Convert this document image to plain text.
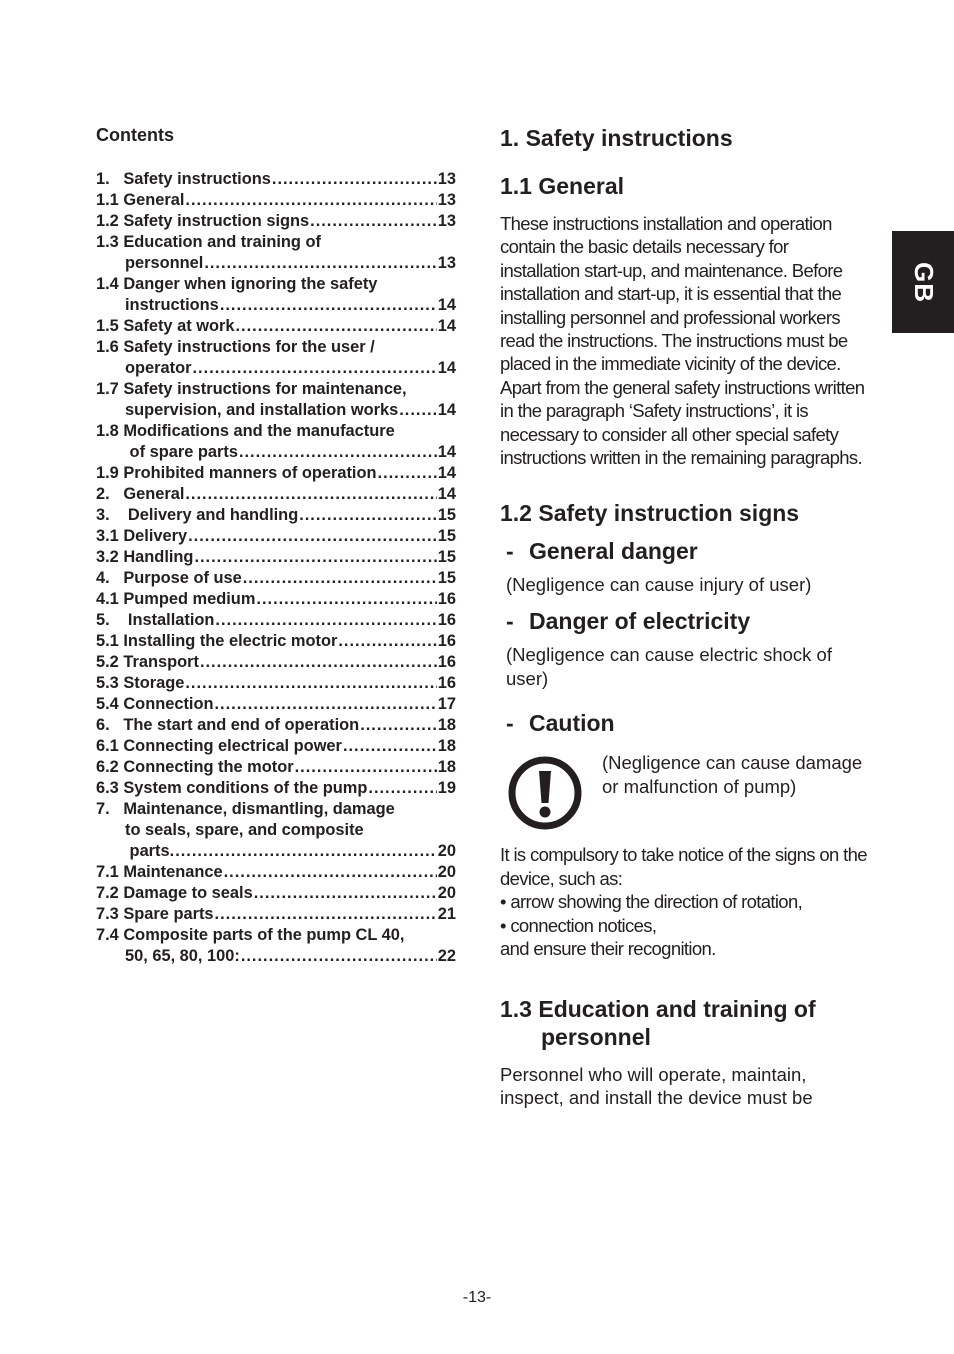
Contents
1.   Safety instructions .....	13
1.1 General .....	13
1.2 Safety instruction signs .....	13
1.3 Education and training of
personnel .....	13
1.4 Danger when ignoring the safety
instructions .....	14
1.5 Safety at work .....	14
1.6 Safety instructions for the user /
operator .....	14
1.7 Safety instructions for maintenance,
supervision, and installation works ..... 14
1.8 Modifications and the manufacture
of spare parts .....	14
1.9 Prohibited manners of operation .....	14
2.   General .....	14
3.    Delivery and handling .....	15
3.1 Delivery .....	15
3.2 Handling .....	15
4.   Purpose of use .....	15
4.1 Pumped medium .....	16
5.    Installation .....	16
5.1 Installing the electric motor .....	16
5.2 Transport .....	16
5.3 Storage .....	16
5.4 Connection .....	17
6.   The start and end of operation .....	18
6.1 Connecting electrical power .....	18
6.2 Connecting the motor .....	18
6.3 System conditions of the pump .....	19
7.   Maintenance, dismantling, damage
to seals, spare, and composite
parts. .....	20
7.1 Maintenance .....	20
7.2 Damage to seals .....	20
7.3 Spare parts .....	21
7.4 Composite parts of the pump CL 40,
50, 65, 80, 100: .....	22
1. Safety instructions
1.1 General

These instructions installation and operation contain the basic details necessary for installation start-up, and maintenance. Before installation and start-up, it is essential that the installing personnel and professional workers read the instructions. The instructions must be placed in the immediate vicinity of the device. Apart from the general safety instructions written in the paragraph ‘Safety instructions’, it is necessary to consider all other special safety instructions written in the remaining paragraphs.

1.2 Safety instruction signs
- General danger
(Negligence can cause injury of user)
- Danger of electricity
(Negligence can cause electric shock of user)
- Caution
(Negligence can cause damage or malfunction of pump)
It is compulsory to take notice of the signs on the device, such as:
• arrow showing the direction of rotation,
• connection notices,
and ensure their recognition.
1.3 Education and training of
personnel

Personnel who will operate, maintain, inspect, and install the device must be

GB
-13-
